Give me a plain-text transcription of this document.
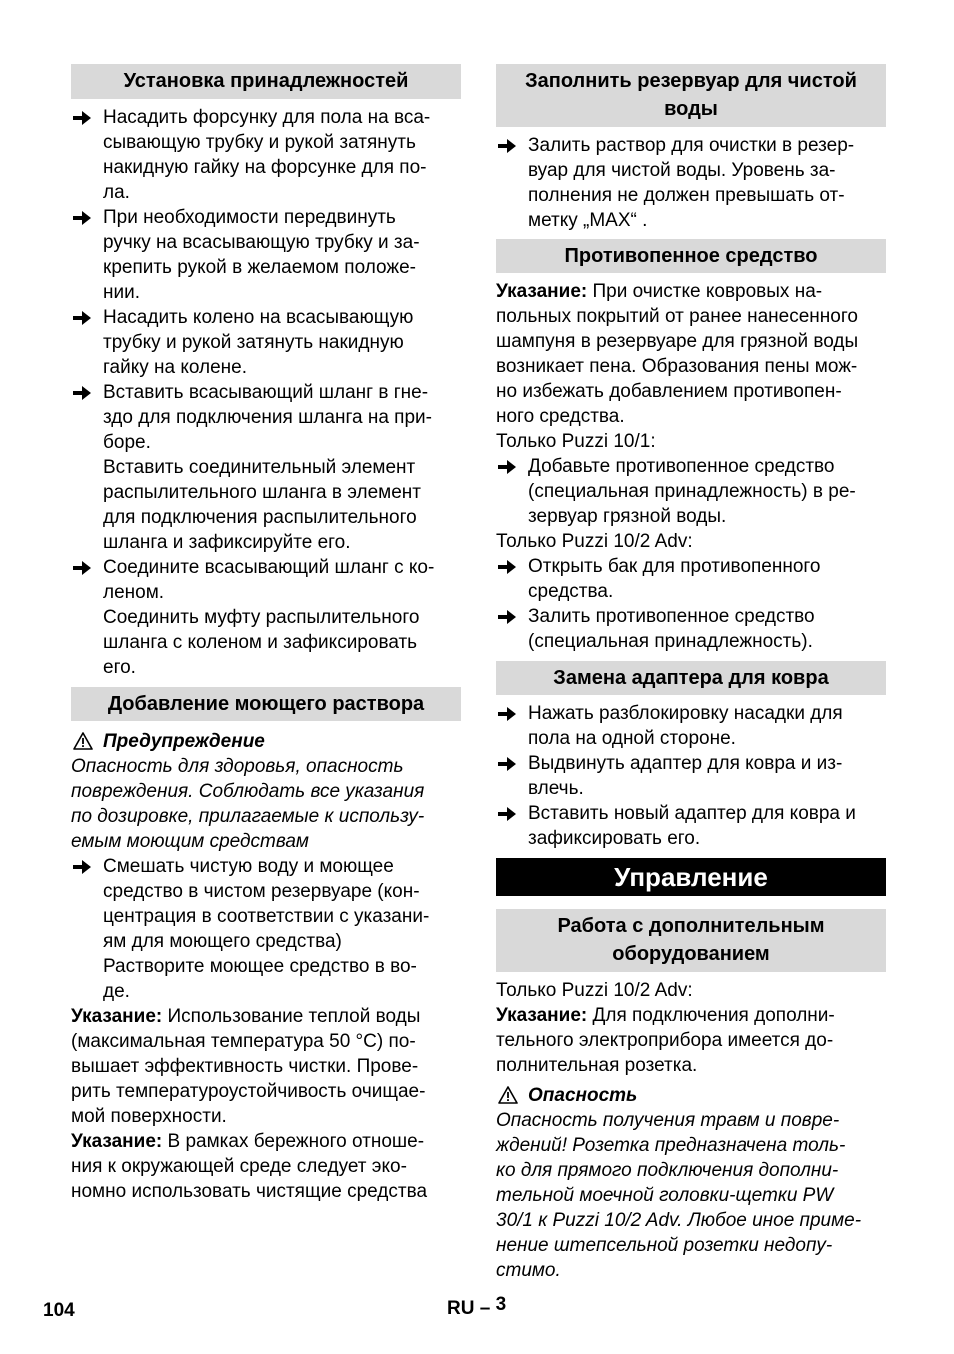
Установка принадлежностей
Насадить форсунку для пола на вса-
сывающую трубку и рукой затянуть
накидную гайку на форсунке для по-
ла.
При необходимости передвинуть
ручку на всасывающую трубку и за-
крепить рукой в желаемом положе-
нии.
Насадить колено на всасывающую
трубку и рукой затянуть накидную
гайку на колене.
Вставить всасывающий шланг в гне-
здо для подключения шланга на при-
боре.
Вставить соединительный элемент
распылительного шланга в элемент
для подключения распылительного
шланга и зафиксируйте его.
Соедините всасывающий шланг с ко-
леном.
Соединить муфту распылительного
шланга с коленом и зафиксировать
его.
Добавление моющего раствора
Предупреждение
Опасность для здоровья, опасность
повреждения. Соблюдать все указания
по дозировке, прилагаемые к использу-
емым моющим средствам
Смешать чистую воду и моющее
средство в чистом резервуаре (кон-
центрация в соответствии с указани-
ям для моющего средства)
Растворите моющее средство в во-
де.
Указание: Использование теплой воды
(максимальная температура 50 °C) по-
вышает эффективность чистки. Прове-
рить температуроустойчивость очищае-
мой поверхности.
Указание: В рамках бережного отноше-
ния к окружающей среде следует эко-
номно использовать чистящие средства
Заполнить резервуар для чистой
воды
Залить раствор для очистки в резер-
вуар для чистой воды. Уровень за-
полнения не должен превышать от-
метку „MAX“ .
Противопенное средство
Указание: При очистке ковровых на-
польных покрытий от ранее нанесенного
шампуня в резервуаре для грязной воды
возникает пена. Образования пены мож-
но избежать добавлением противопен-
ного средства.
Только Puzzi 10/1:
Добавьте противопенное средство
(специальная принадлежность) в ре-
зервуар грязной воды.
Только Puzzi 10/2 Adv:
Открыть бак для противопенного
средства.
Залить противопенное средство
(специальная принадлежность).
Замена адаптера для ковра
Нажать разблокировку насадки для
пола на одной стороне.
Выдвинуть адаптер для ковра и из-
влечь.
Вставить новый адаптер для ковра и
зафиксировать его.
Управление
Работа с дополнительным
оборудованием
Только Puzzi 10/2 Adv:
Указание: Для подключения дополни-
тельного электроприбора имеется до-
полнительная розетка.
Опасность
Опасность получения травм и повре-
ждений! Розетка предназначена толь-
ко для прямого подключения дополни-
тельной моечной головки-щетки PW
30/1 к Puzzi 10/2 Adv. Любое иное приме-
нение штепсельной розетки недопу-
стимо.
104	RU – 3
